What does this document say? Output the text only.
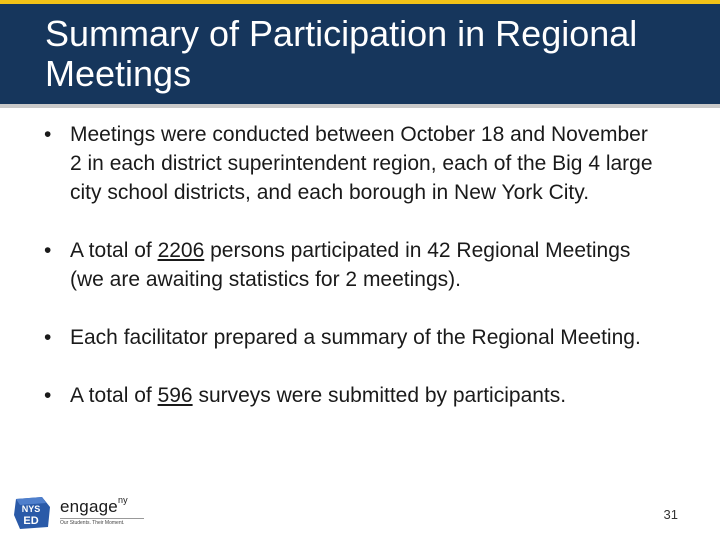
Summary of Participation in Regional Meetings
• Meetings were conducted between October 18 and November 2 in each district superintendent region, each of the Big 4 large city school districts, and each borough in New York City.
• A total of 2206 persons participated in 42 Regional Meetings (we are awaiting statistics for 2 meetings).
• Each facilitator prepared a summary of the Regional Meeting.
• A total of 596 surveys were submitted by participants.
NYS
ED
engage$^{ny}$
Our Students. Their Moment.
31
